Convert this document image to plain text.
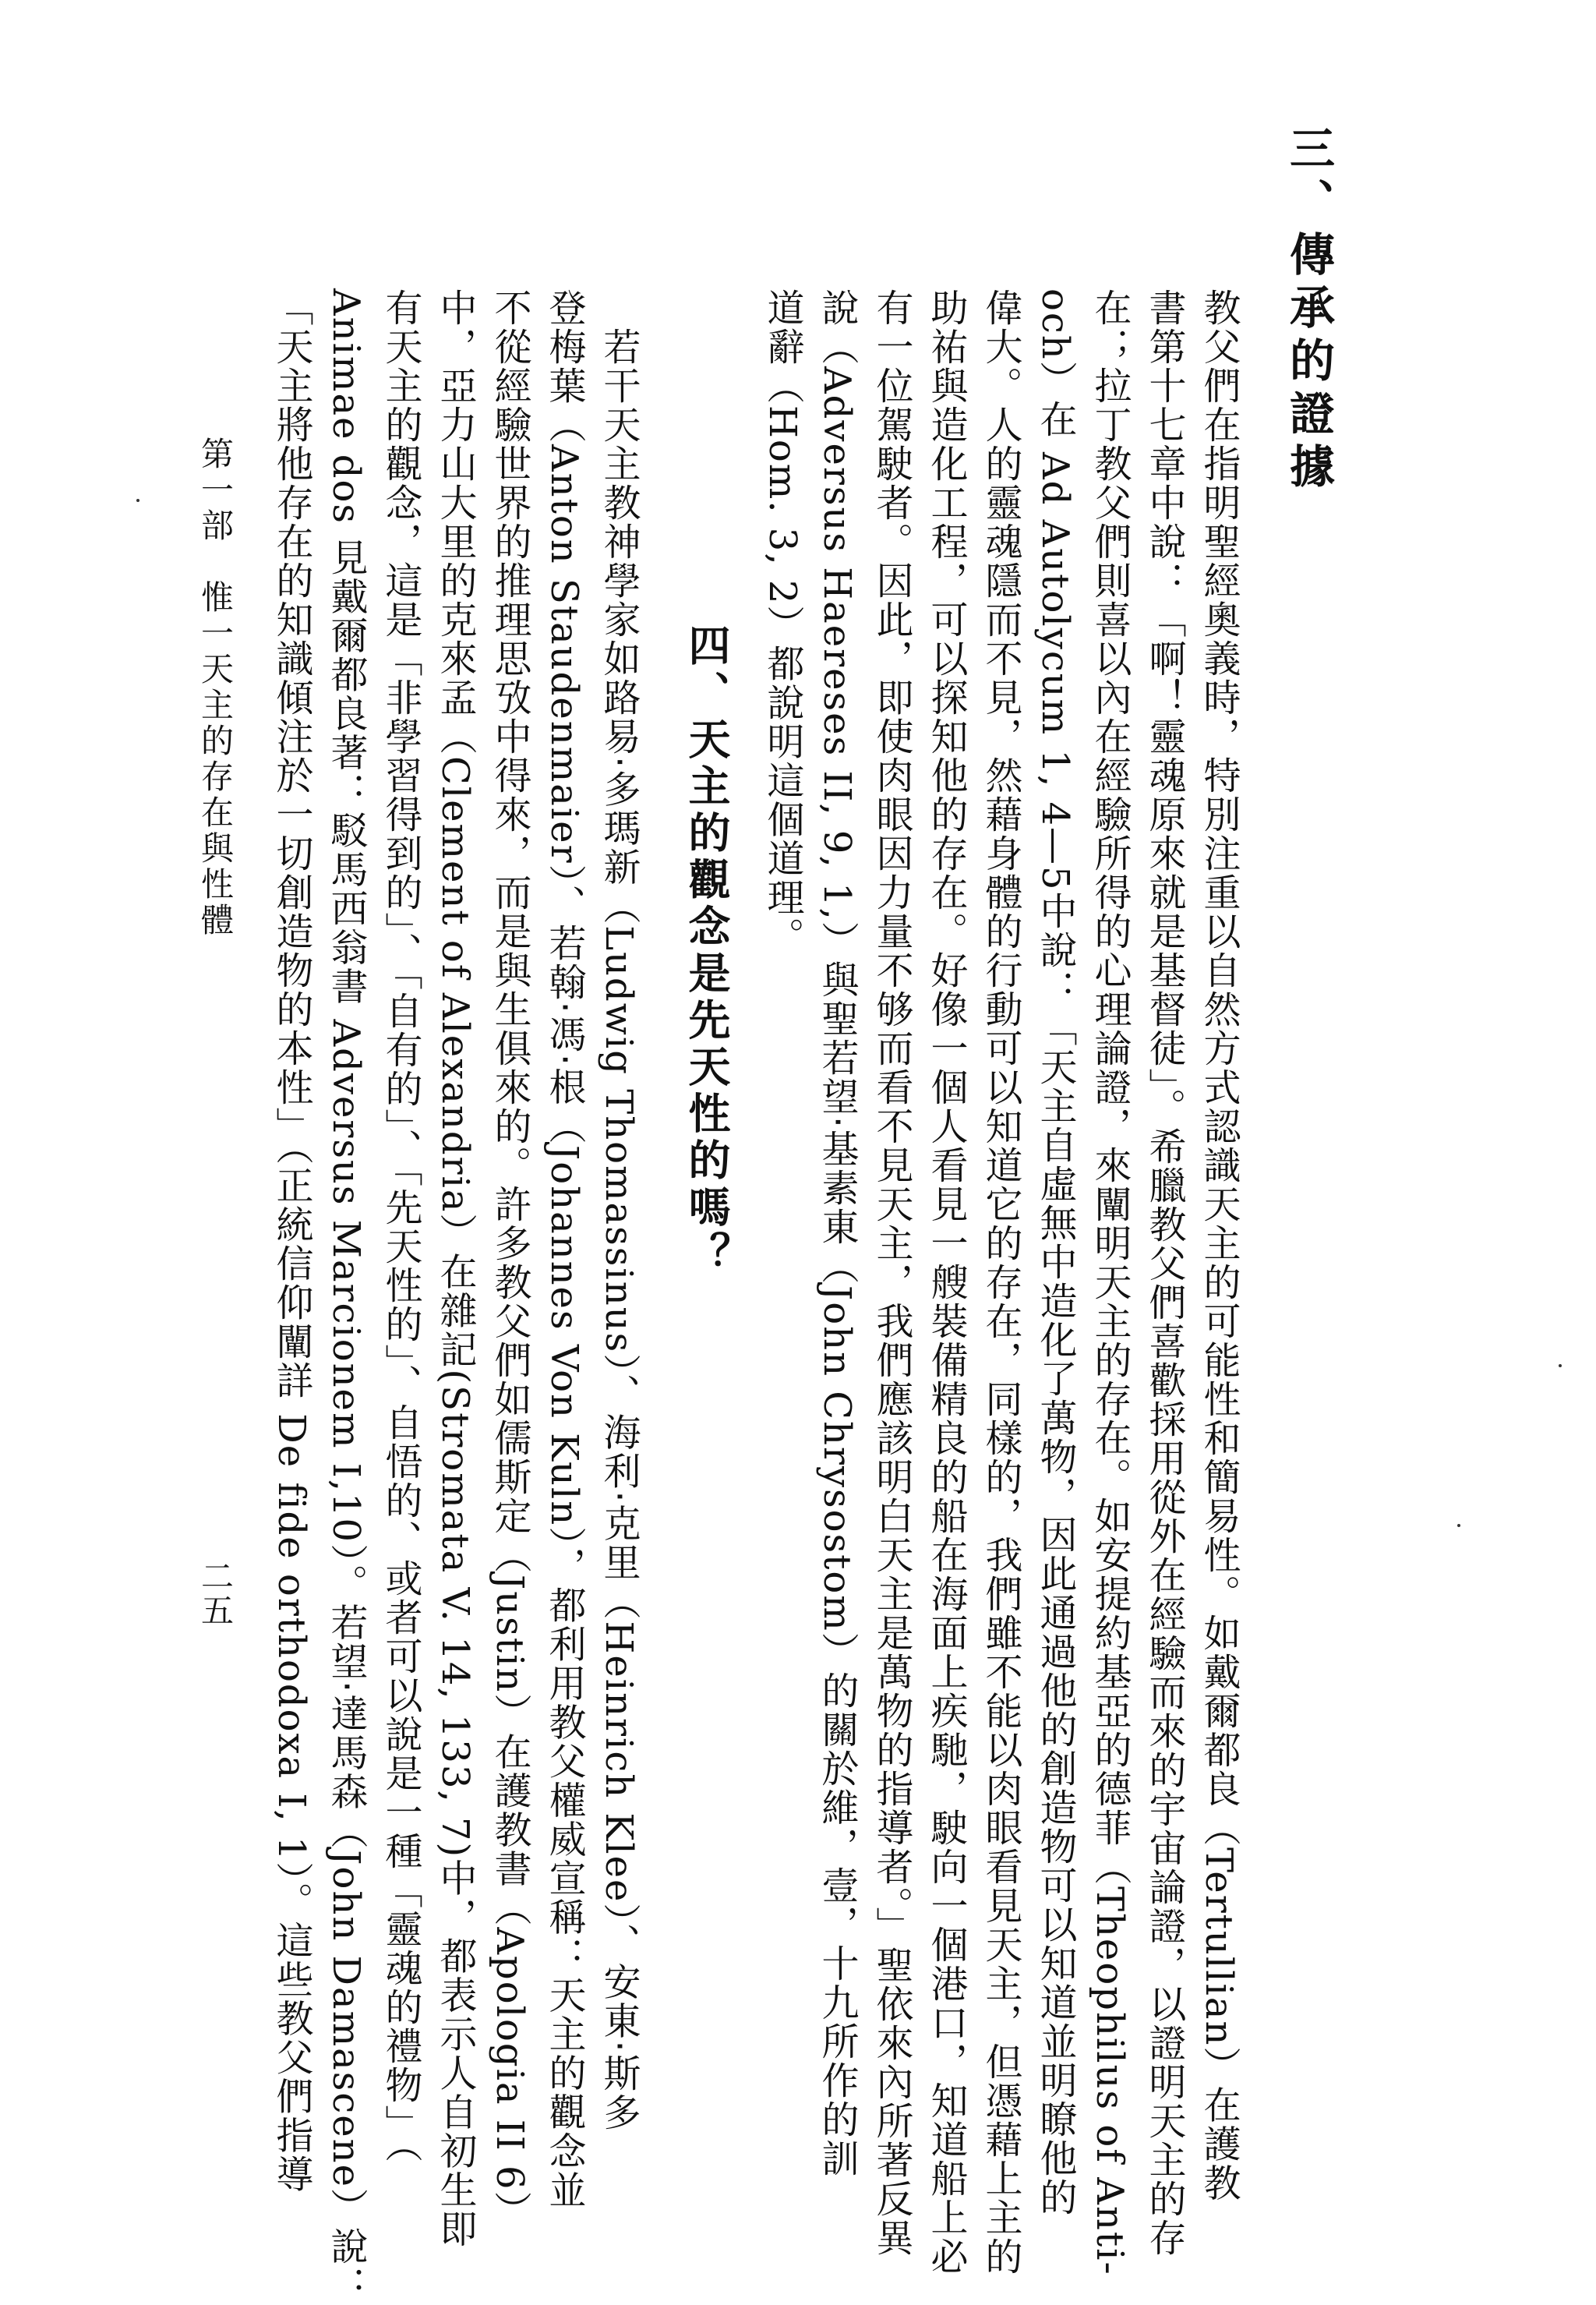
三、傳承的證據
教父們在指明聖經奧義時，特別注重以自然方式認識天主的可能性和簡易性。如戴爾都良（Tertullian）在護教
書第十七章中說：「啊！靈魂原來就是基督徒」。希臘教父們喜歡採用從外在經驗而來的宇宙論證，以證明天主的存
在；拉丁教父們則喜以內在經驗所得的心理論證，來闡明天主的存在。如安提約基亞的德菲（Theophilus of Anti-
och）在 Ad Autolycum 1, 4—5中說：「天主自虛無中造化了萬物，因此通過他的創造物可以知道並明瞭他的
偉大。人的靈魂隱而不見，然藉身體的行動可以知道它的存在，同樣的，我們雖不能以肉眼看見天主，但憑藉上主的
助祐與造化工程，可以探知他的存在。好像一個人看見一艘裝備精良的船在海面上疾馳，駛向一個港口，知道船上必
有一位駕駛者。因此，即使肉眼因力量不够而看不見天主，我們應該明白天主是萬物的指導者。」聖依來內所著反異
說（Adversus Haereses II, 9, 1,）與聖若望‧基素東（John Chrysostom）的關於維，壹，十九所作的訓
道辭（Hom. 3, 2）都說明這個道理。
四、天主的觀念是先天性的嗎？
若干天主教神學家如路易‧多瑪新（Ludwig Thomassinus）、海利‧克里（Heinrich Klee）、安東‧斯多
登梅葉（Anton Staudenmaier）、若翰‧馮‧根（Johannes Von Kuln），都利用教父權威宣稱：天主的觀念並
不從經驗世界的推理思攷中得來，而是與生俱來的。許多教父們如儒斯定（Justin）在護教書（Apologia II 6）
中，亞力山大里的克來孟（Clement of Alexandria）在雜記(Stromata V. 14, 133, 7)中，都表示人自初生即
有天主的觀念，這是「非學習得到的」、「自有的」、「先天性的」、自悟的、或者可以說是一種「靈魂的禮物」（
Animae dos 見戴爾都良著：駁馬西翁書 Adversus Marcionem I,10）。若望‧達馬森（John Damascene）說：
「天主將他存在的知識傾注於一切創造物的本性」（正統信仰闡詳 De fide orthodoxa I, 1）。這些教父們指導
第一部　惟一天主的存在與性體
二五
